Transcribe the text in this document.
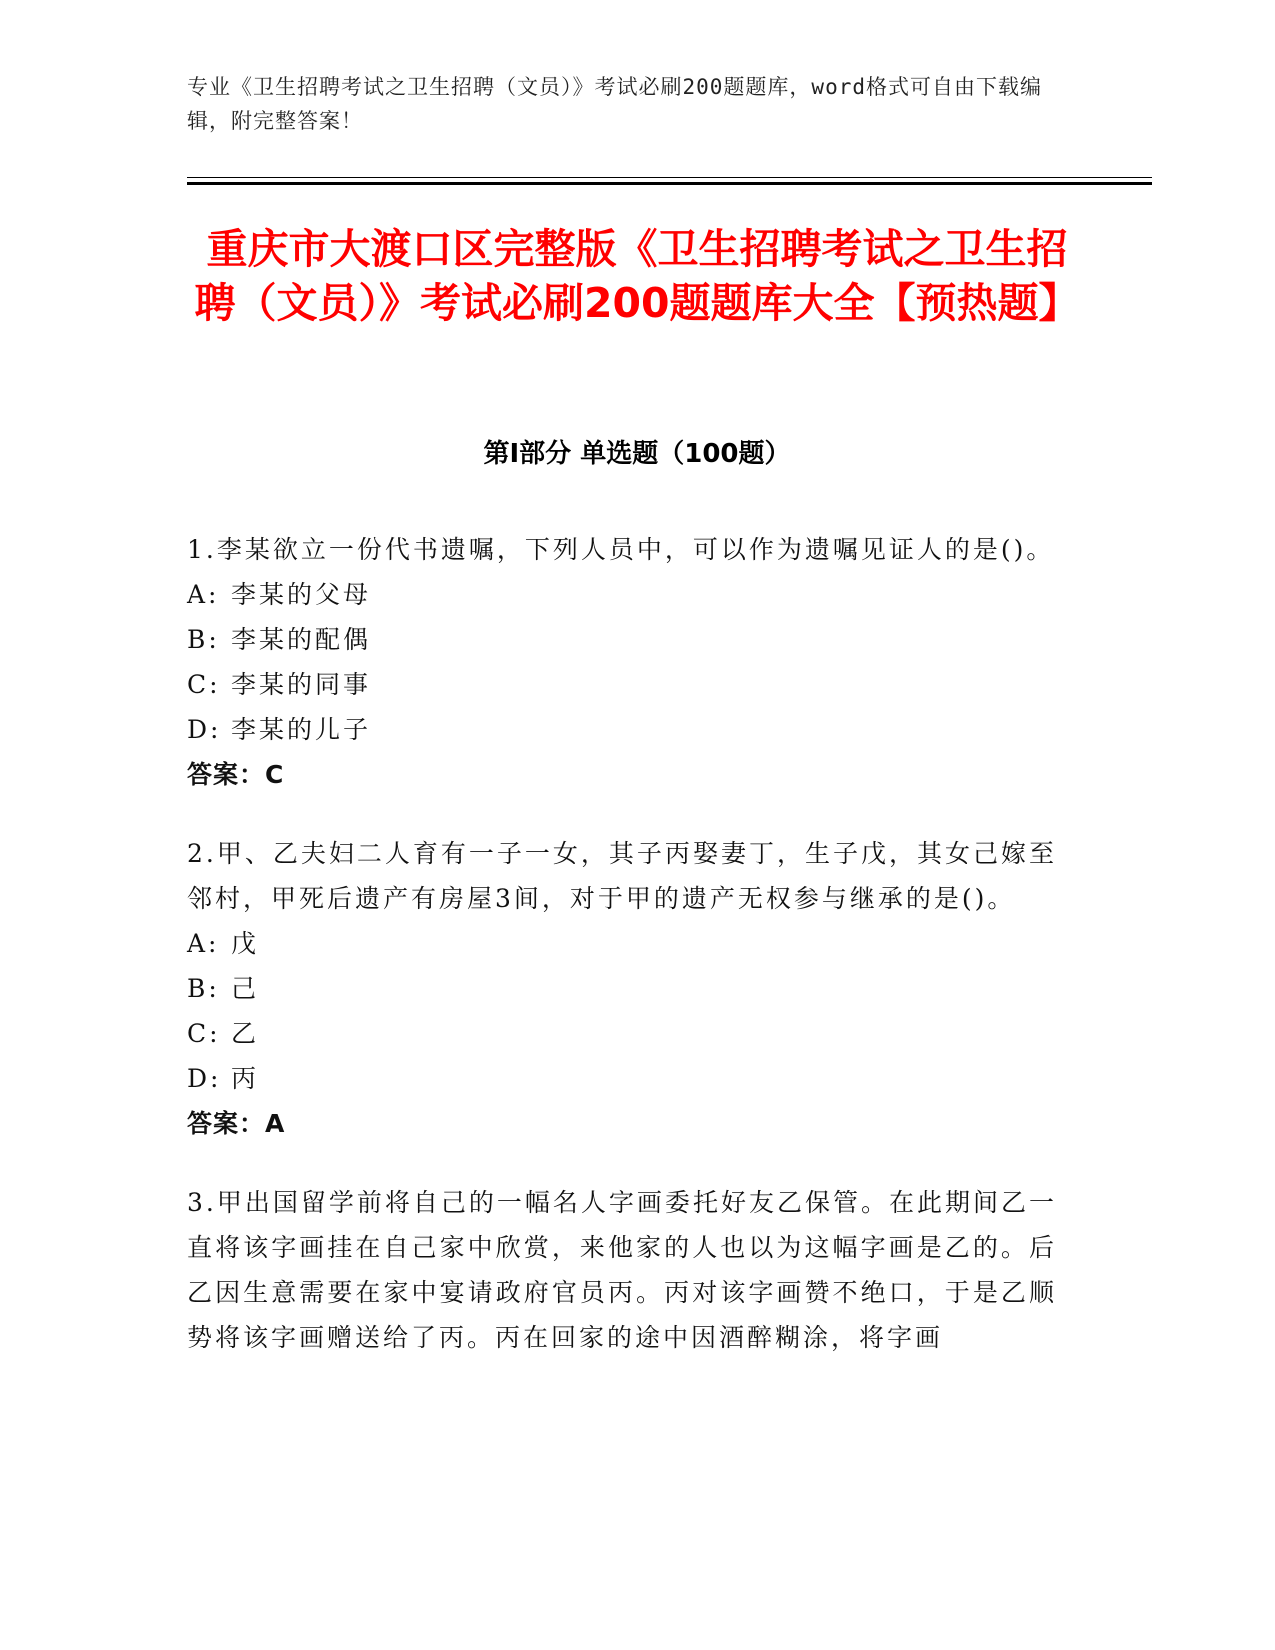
专业《卫生招聘考试之卫生招聘（文员）》考试必刷200题题库，word格式可自由下载编辑，附完整答案！
重庆市大渡口区完整版《卫生招聘考试之卫生招聘（文员）》考试必刷200题题库大全【预热题】
第Ⅰ部分 单选题（100题）
1.李某欲立一份代书遗嘱，下列人员中，可以作为遗嘱见证人的是()。
A: 李某的父母
B: 李某的配偶
C: 李某的同事
D: 李某的儿子
答案：C
2.甲、乙夫妇二人育有一子一女，其子丙娶妻丁，生子戊，其女己嫁至邻村，甲死后遗产有房屋3间，对于甲的遗产无权参与继承的是()。
A: 戊
B: 己
C: 乙
D: 丙
答案：A
3.甲出国留学前将自己的一幅名人字画委托好友乙保管。在此期间乙一直将该字画挂在自己家中欣赏，来他家的人也以为这幅字画是乙的。后乙因生意需要在家中宴请政府官员丙。丙对该字画赞不绝口，于是乙顺势将该字画赠送给了丙。丙在回家的途中因酒醉糊涂，将字画
